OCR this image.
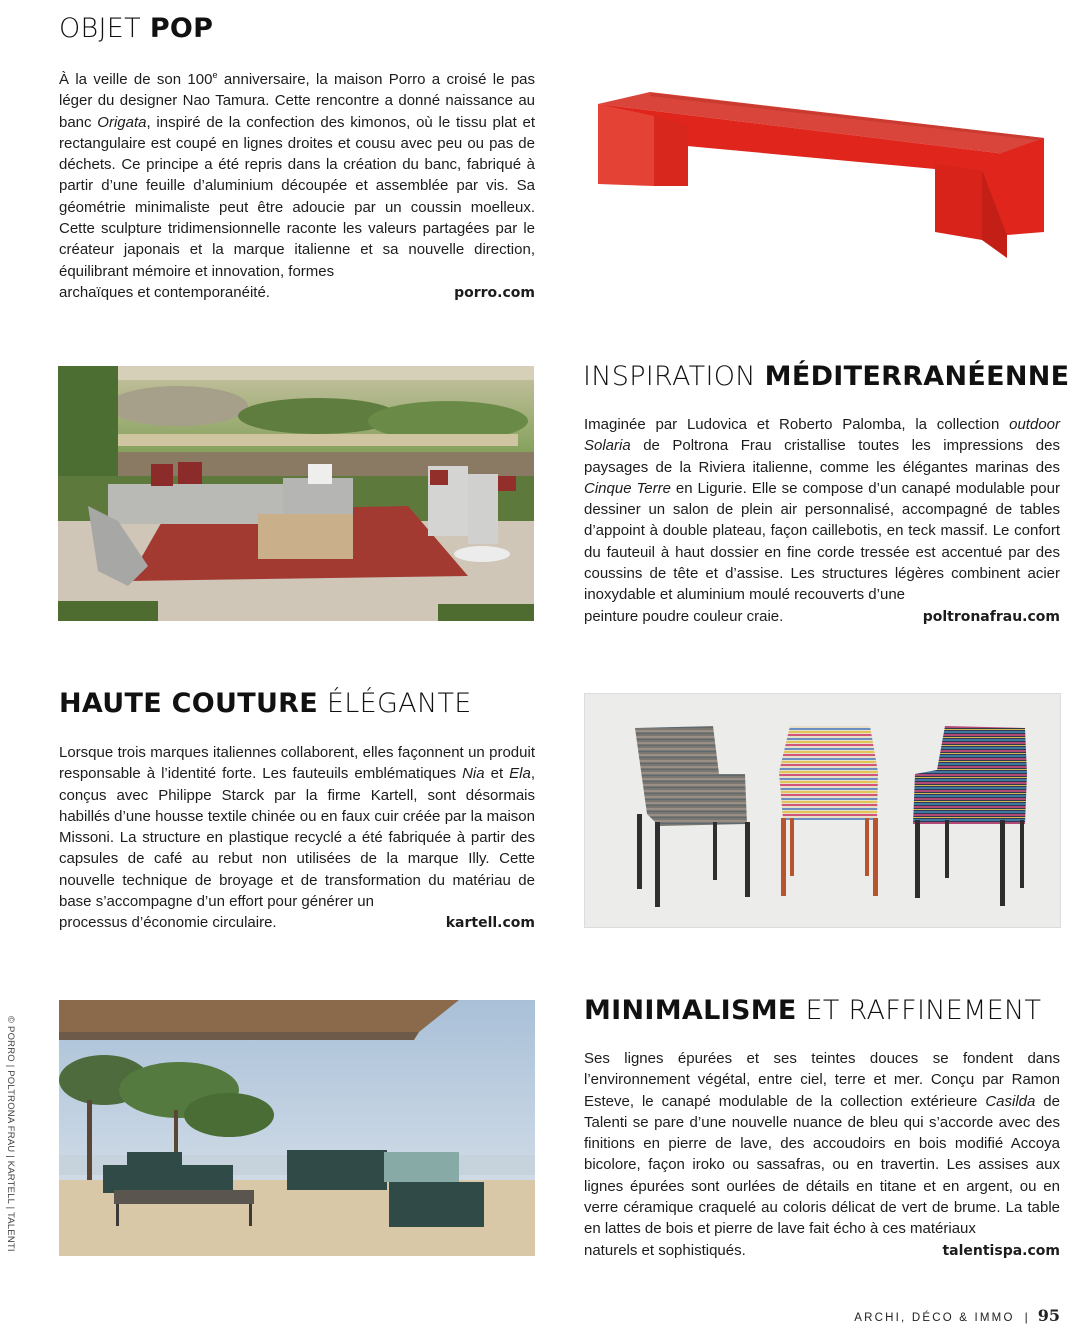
OBJET POP

À la veille de son 100e anniversaire, la maison Porro a croisé le pas léger du designer Nao Tamura. Cette rencontre a donné naissance au banc Origata, inspiré de la confection des kimonos, où le tissu plat et rectangulaire est coupé en lignes droites et cousu avec peu ou pas de déchets. Ce principe a été repris dans la création du banc, fabriqué à partir d’une feuille d’aluminium découpée et assemblée par vis. Sa géométrie minimaliste peut être adoucie par un coussin moelleux. Cette sculpture tridimensionnelle raconte les valeurs partagées par le créateur japonais et la marque italienne et sa nouvelle direction, équilibrant mémoire et innovation, formes

archaïques et contemporanéité.	porro.com
INSPIRATION MÉDITERRANÉENNE

Imaginée par Ludovica et Roberto Palomba, la collection outdoor Solaria de Poltrona Frau cristallise toutes les impressions des paysages de la Riviera italienne, comme les élégantes marinas des Cinque Terre en Ligurie. Elle se compose d’un canapé modulable pour dessiner un salon de plein air personnalisé, accompagné de tables d’appoint à double plateau, façon caillebotis, en teck massif. Le confort du fauteuil à haut dossier en fine corde tressée est accentué par des coussins de tête et d’assise. Les structures légères combinent acier inoxydable et aluminium moulé recouverts d’une

peinture poudre couleur craie.	poltronafrau.com
HAUTE COUTURE ÉLÉGANTE

Lorsque trois marques italiennes collaborent, elles façonnent un produit responsable à l’identité forte. Les fauteuils emblématiques Nia et Ela, conçus avec Philippe Starck par la firme Kartell, sont désormais habillés d’une housse textile chinée ou en faux cuir créée par la maison Missoni. La structure en plastique recyclé a été fabriquée à partir des capsules de café au rebut non utilisées de la marque Illy. Cette nouvelle technique de broyage et de transformation du matériau de base s’accompagne d’un effort pour générer un

processus d’économie circulaire.	kartell.com
MINIMALISME ET RAFFINEMENT

Ses lignes épurées et ses teintes douces se fondent dans l’environnement végétal, entre ciel, terre et mer. Conçu par Ramon Esteve, le canapé modulable de la collection extérieure Casilda de Talenti se pare d’une nouvelle nuance de bleu qui s’accorde avec des finitions en pierre de lave, des accoudoirs en bois modifié Accoya bicolore, façon iroko ou sassafras, ou en travertin. Les assises aux lignes épurées sont ourlées de détails en titane et en argent, ou en verre céramique craquelé au coloris délicat de vert de brume. La table en lattes de bois et pierre de lave fait écho à ces matériaux

naturels et sophistiqués.	talentispa.com
© PORRO | POLTRONA FRAU | KARTELL | TALENTI
ARCHI, DÉCO & IMMO | 95
